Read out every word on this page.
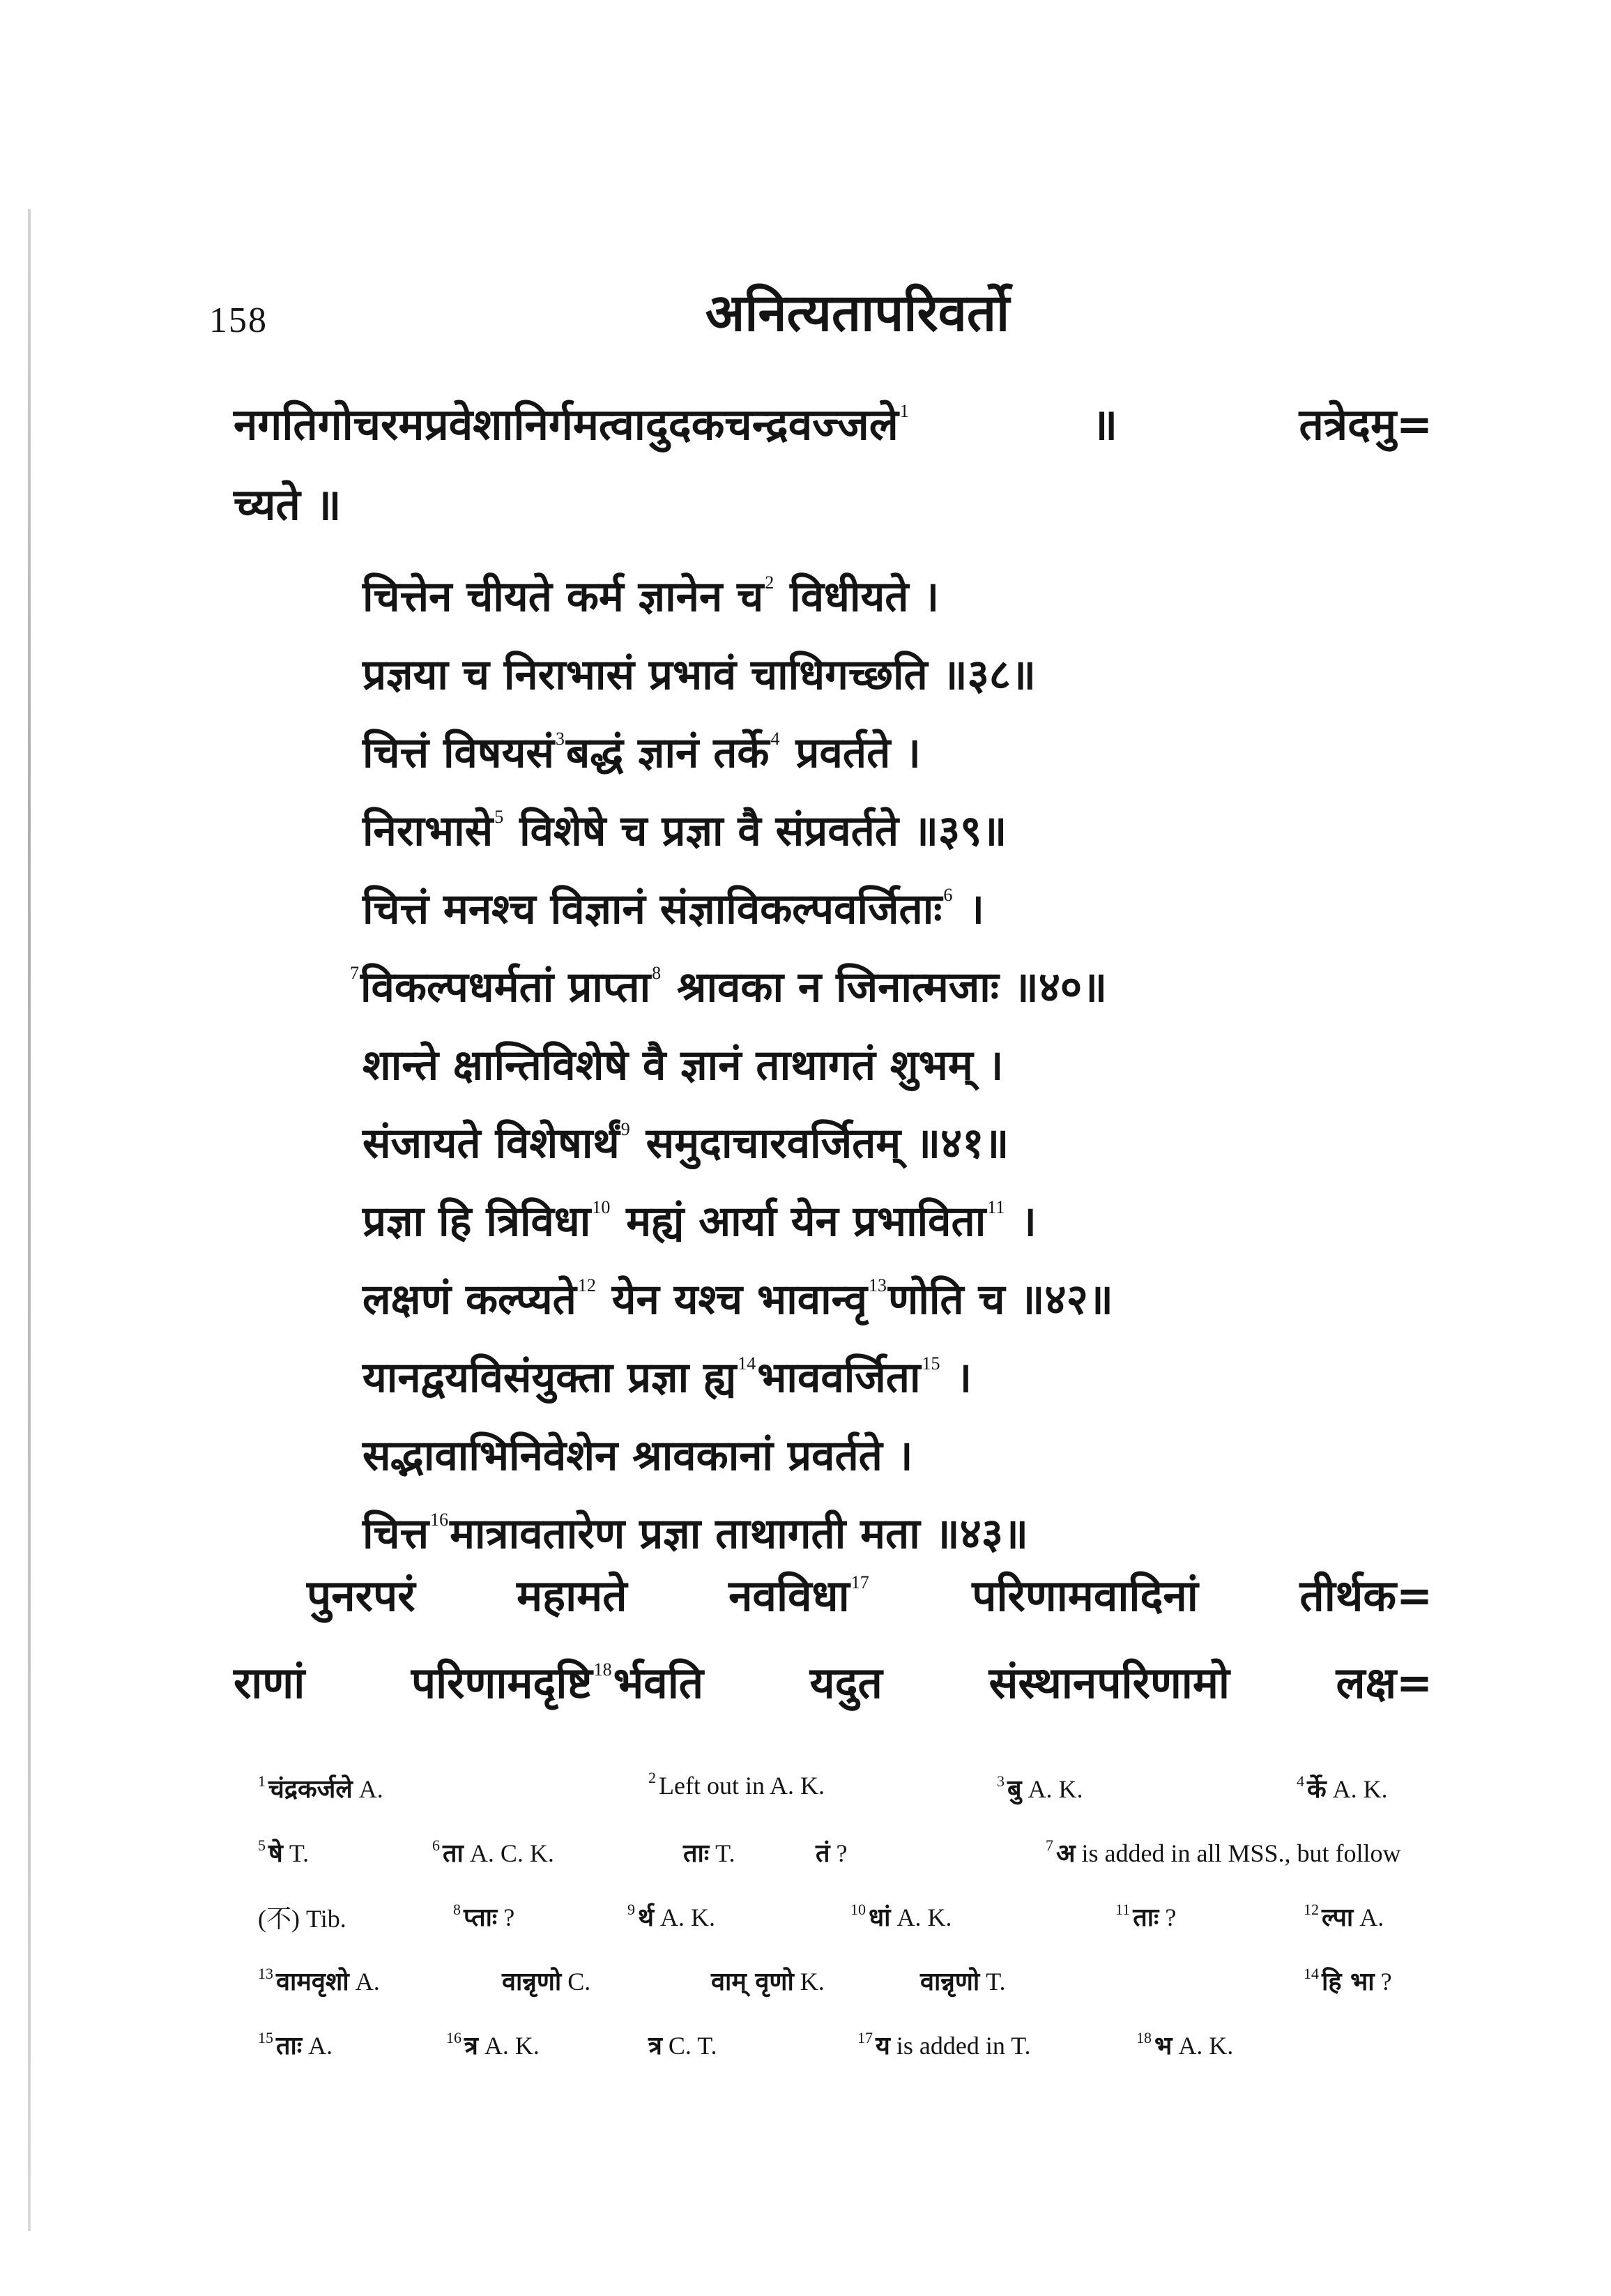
158	अनित्यतापरिवर्तो
नगतिगोचरमप्रवेशानिर्गमत्वादुदकचन्द्रवज्जले$^1$ ॥ तत्रेदमु=
च्यते ॥
चित्तेन चीयते कर्म ज्ञानेन च$^2$ विधीयते ।
प्रज्ञया च निराभासं प्रभावं चाधिगच्छति ॥३८॥
चित्तं विषयसं$^3$बद्धं ज्ञानं तर्के$^4$ प्रवर्तते ।
निराभासे$^5$ विशेषे च प्रज्ञा वै संप्रवर्तते ॥३९॥
चित्तं मनश्च विज्ञानं संज्ञाविकल्पवर्जिताः$^6$ ।
$^7$विकल्पधर्मतां प्राप्ता$^8$ श्रावका न जिनात्मजाः ॥४०॥
शान्ते क्षान्तिविशेषे वै ज्ञानं ताथागतं शुभम् ।
संजायते विशेषार्थं$^9$ समुदाचारवर्जितम् ॥४१॥
प्रज्ञा हि त्रिविधा$^{10}$ मह्यं आर्या येन प्रभाविता$^{11}$ ।
लक्षणं कल्प्यते$^{12}$ येन यश्च भावान्वृ$^{13}$णोति च ॥४२॥
यानद्वयविसंयुक्ता प्रज्ञा ह्य$^{14}$भाववर्जिता$^{15}$ ।
सद्भावाभिनिवेशेन श्रावकानां प्रवर्तते ।
चित्त$^{16}$मात्रावतारेण प्रज्ञा ताथागती मता ॥४३॥
पुनरपरं महामते नवविधा$^{17}$ परिणामवादिनां तीर्थक=
राणां परिणामदृष्टि$^{18}$र्भवति यदुत संस्थानपरिणामो लक्ष=
$^1$ चंद्रकर्जले A.	$^2$ Left out in A. K.	$^3$ बु A. K.	$^4$ र्के A. K.
$^5$ षे T.	$^6$ ता A. C. K.	ताः T.	तं ?	$^7$ अ is added in all MSS., but follow
(不) Tib.	$^8$ प्ताः ?	$^9$ र्थ A. K.	$^{10}$ धां A. K.	$^{11}$ ताः ?	$^{12}$ ल्पा A.
$^{13}$ वामवृशो A.	वान्नृणो C.	वाम् वृणो K.	वान्नृणो T.	$^{14}$ हि भा ?
$^{15}$ ताः A.	$^{16}$ त्र A. K.	त्र C. T.	$^{17}$ य is added in T.	$^{18}$ भ A. K.
